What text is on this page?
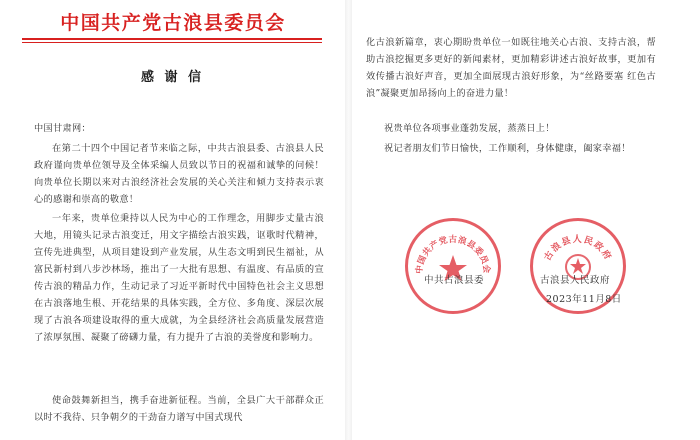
中国共产党古浪县委员会
感 谢 信
中国甘肃网：
在第二十四个中国记者节来临之际，中共古浪县委、古浪县人民政府谨向贵单位领导及全体采编人员致以节日的祝福和诚挚的问候！向贵单位长期以来对古浪经济社会发展的关心关注和倾力支持表示衷心的感谢和崇高的敬意！
一年来，贵单位秉持以人民为中心的工作理念，用脚步丈量古浪大地，用镜头记录古浪变迁，用文字描绘古浪实践，讴歌时代精神，宣传先进典型，从项目建设到产业发展，从生态文明到民生福祉，从富民新村到八步沙林场，推出了一大批有思想、有温度、有品质的宣传古浪的精品力作，生动记录了习近平新时代中国特色社会主义思想在古浪落地生根、开花结果的具体实践，全方位、多角度、深层次展现了古浪各项建设取得的重大成就，为全县经济社会高质量发展营造了浓厚氛围、凝聚了磅礴力量，有力提升了古浪的美誉度和影响力。
使命鼓舞新担当，携手奋进新征程。当前，全县广大干部群众正以时不我待、只争朝夕的干劲奋力谱写中国式现代
化古浪新篇章，衷心期盼贵单位一如既往地关心古浪、支持古浪，帮助古浪挖掘更多更好的新闻素材，更加精彩讲述古浪好故事，更加有效传播古浪好声音，更加全面展现古浪好形象，为“丝路要塞 红色古浪”凝聚更加昂扬向上的奋进力量！
祝贵单位各项事业蓬勃发展，蒸蒸日上！
祝记者朋友们节日愉快，工作顺利，身体健康，阖家幸福！
中国共产党古浪县委员会
古浪县人民政府
中共古浪县委	古浪县人民政府
2023年11月8日
